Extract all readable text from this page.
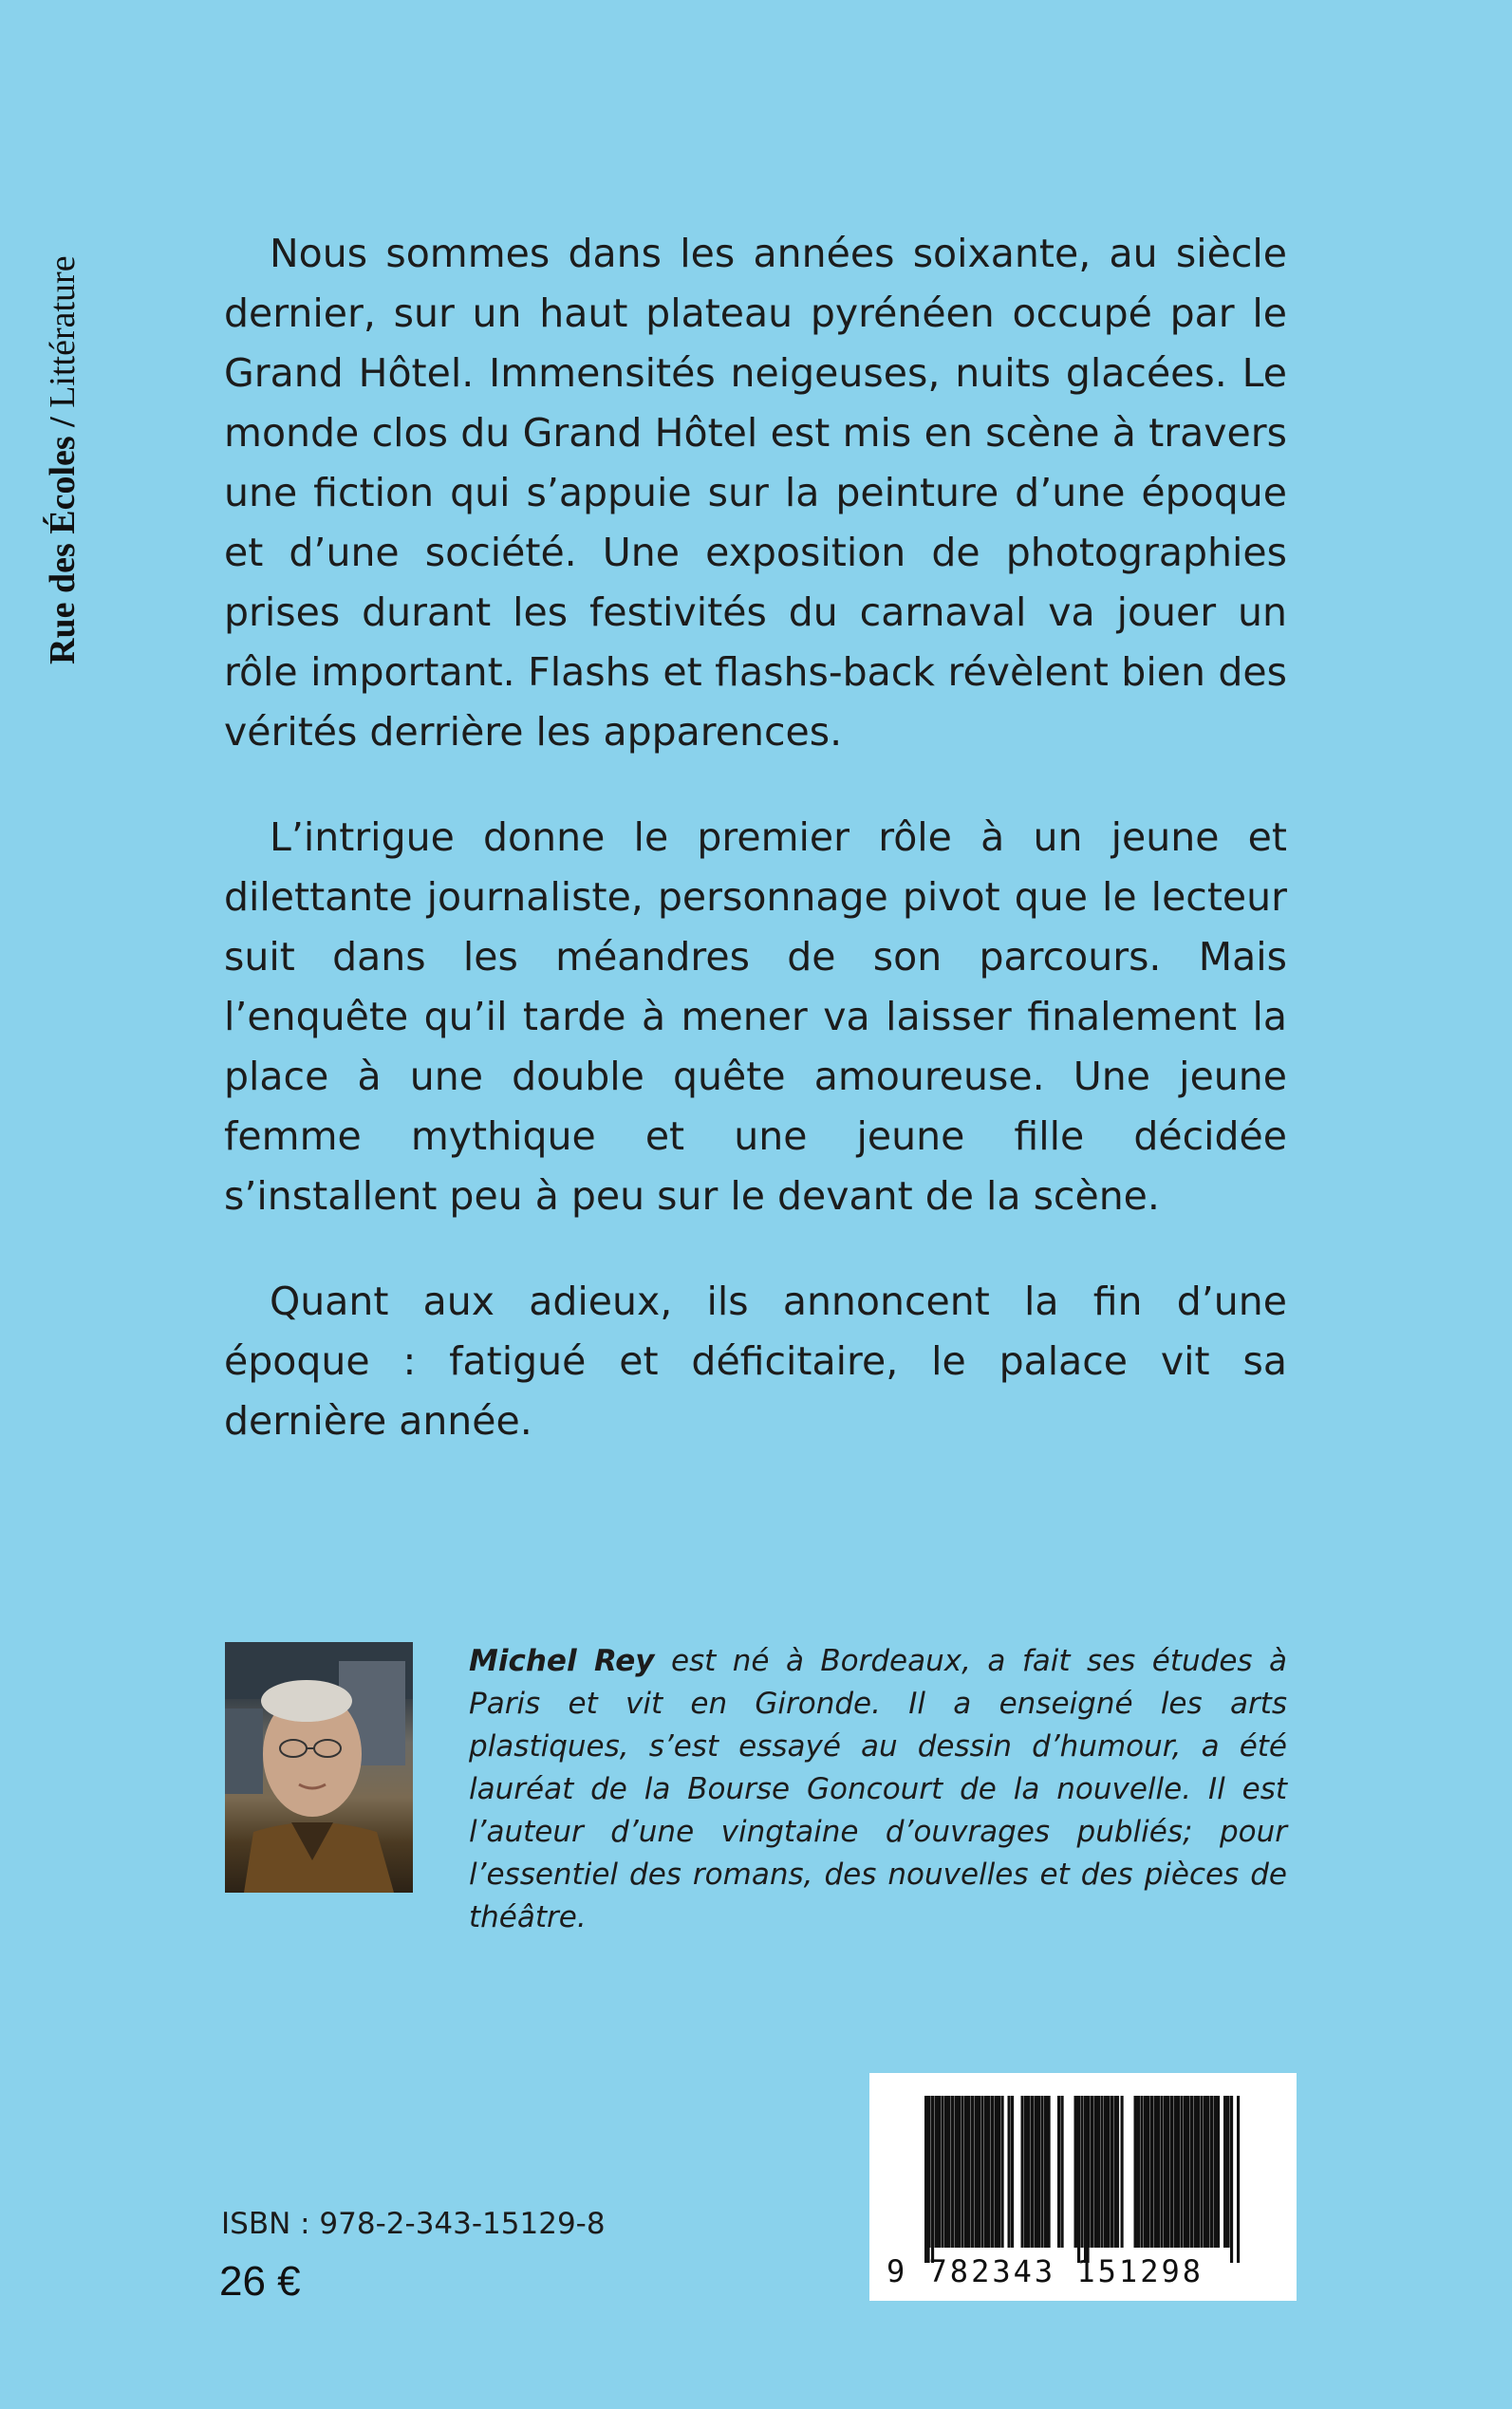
Rue des Écoles / Littérature

Nous sommes dans les années soixante, au siècle dernier, sur un haut plateau pyrénéen occupé par le Grand Hôtel. Immensités neigeuses, nuits glacées. Le monde clos du Grand Hôtel est mis en scène à travers une fiction qui s’appuie sur la peinture d’une époque et d’une société. Une exposition de photographies prises durant les festivités du carnaval va jouer un rôle important. Flashs et flashs-back révèlent bien des vérités derrière les apparences.

L’intrigue donne le premier rôle à un jeune et dilettante journaliste, personnage pivot que le lecteur suit dans les méandres de son parcours. Mais l’enquête qu’il tarde à mener va laisser finalement la place à une double quête amoureuse. Une jeune femme mythique et une jeune fille décidée s’installent peu à peu sur le devant de la scène.

Quant aux adieux, ils annoncent la fin d’une époque : fatigué et déficitaire, le palace vit sa dernière année.

Michel Rey est né à Bordeaux, a fait ses études à Paris et vit en Gironde. Il a enseigné les arts plastiques, s’est essayé au dessin d’humour, a été lauréat de la Bourse Goncourt de la nouvelle. Il est l’auteur d’une vingtaine d’ouvrages publiés; pour l’essentiel des romans, des nouvelles et des pièces de théâtre.
ISBN : 978-2-343-15129-8
26 €	9 782343 151298
